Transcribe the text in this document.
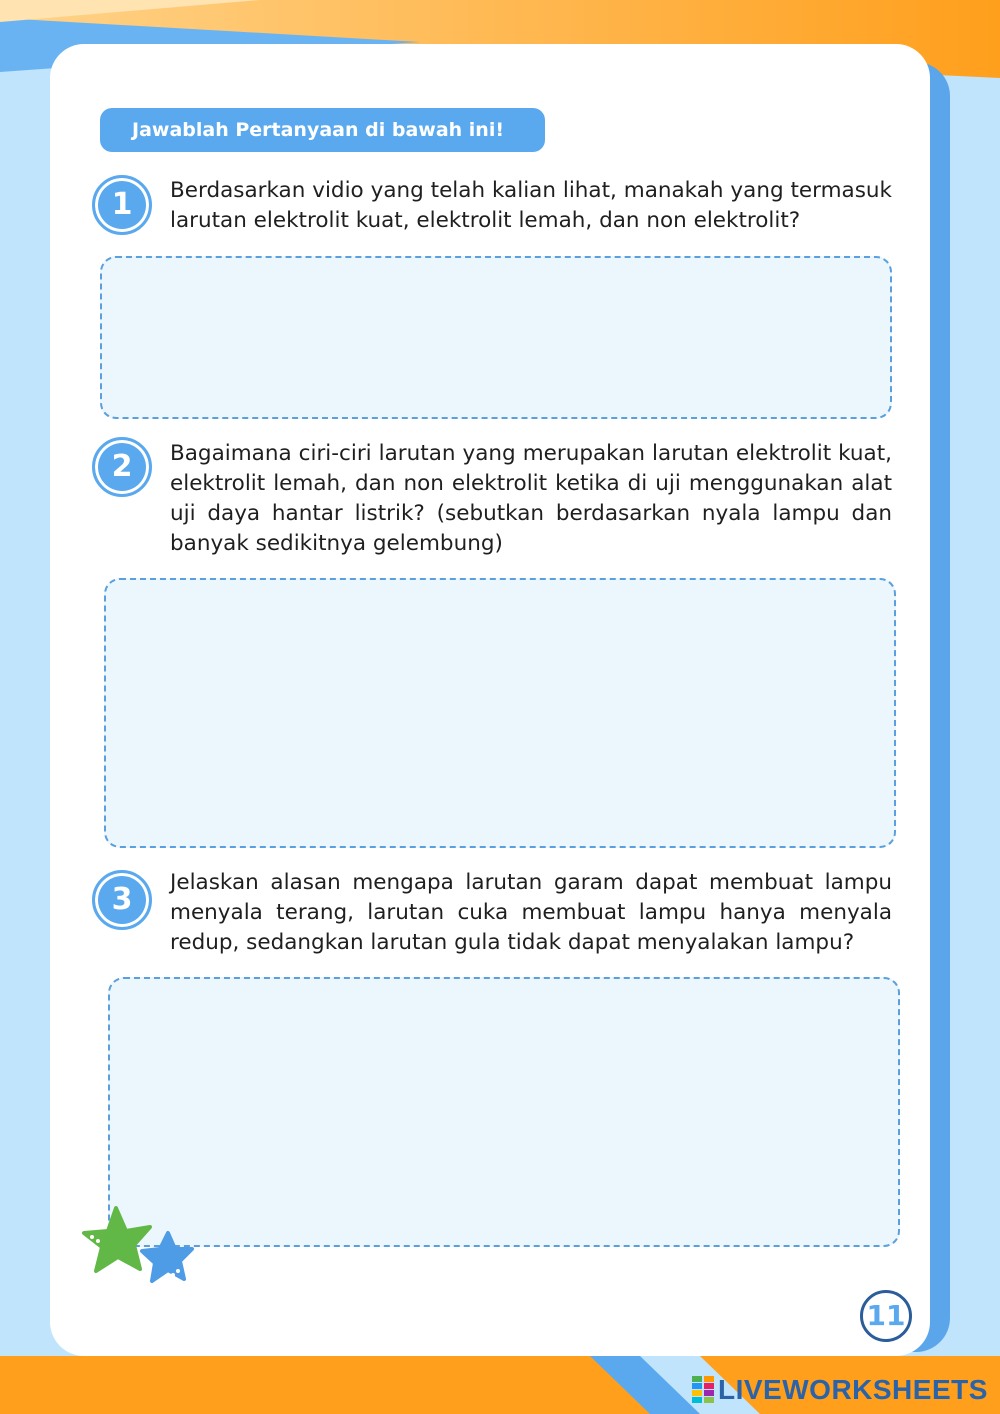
Jawablah Pertanyaan di bawah ini!
1	Berdasarkan vidio yang telah kalian lihat, manakah yang termasuk larutan elektrolit kuat, elektrolit lemah, dan non elektrolit?

2	Bagaimana ciri-ciri larutan yang merupakan larutan elektrolit kuat, elektrolit lemah, dan non elektrolit ketika di uji menggunakan alat uji daya hantar listrik? (sebutkan berdasarkan nyala lampu dan banyak sedikitnya gelembung)

3	Jelaskan alasan mengapa larutan garam dapat membuat lampu menyala terang, larutan cuka membuat lampu hanya menyala redup, sedangkan larutan gula tidak dapat menyalakan lampu?

11
LIVEWORKSHEETS
